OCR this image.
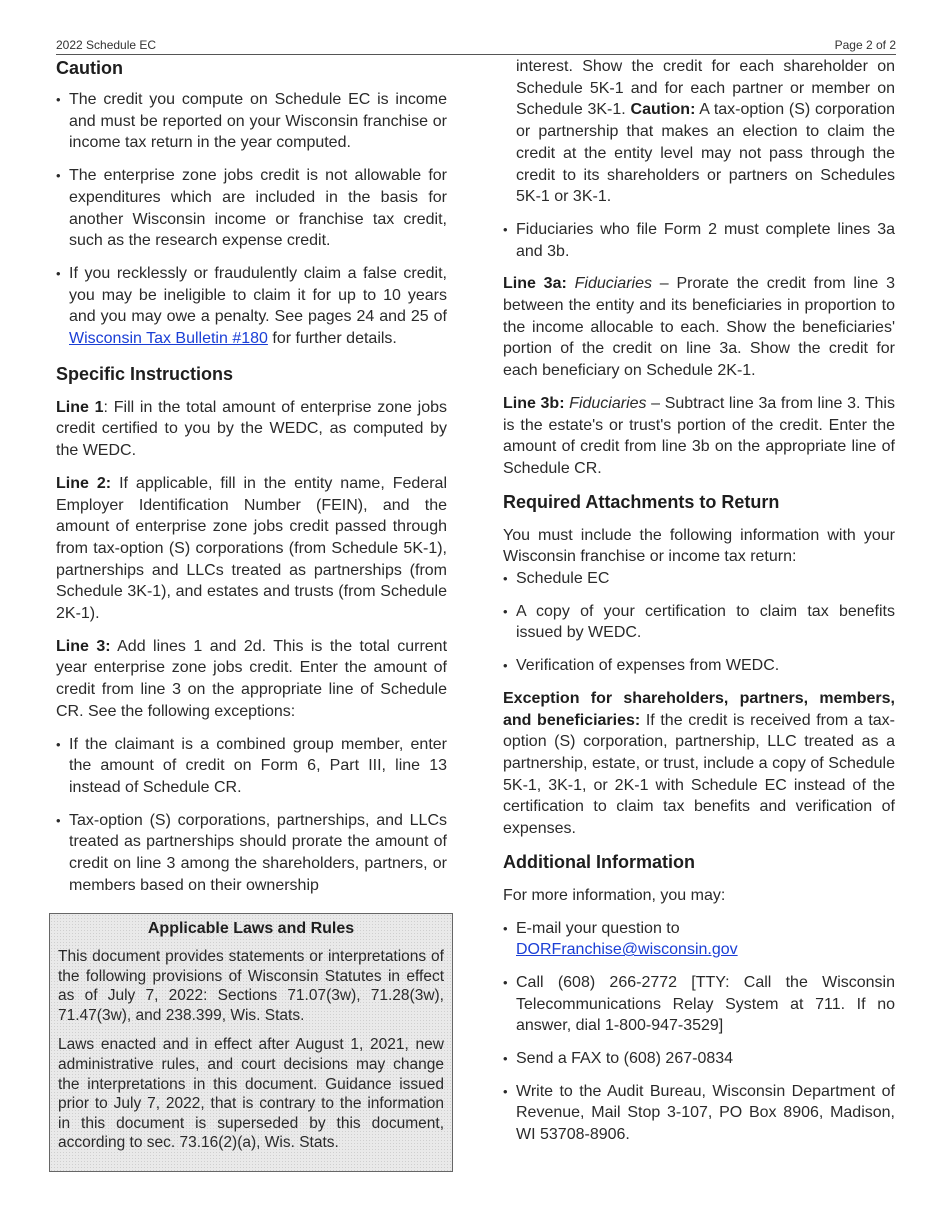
2022 Schedule EC	Page 2 of 2
Caution
• The credit you compute on Schedule EC is income and must be reported on your Wisconsin franchise or income tax return in the year computed.
• The enterprise zone jobs credit is not allowable for expenditures which are included in the basis for another Wisconsin income or franchise tax credit, such as the research expense credit.
• If you recklessly or fraudulently claim a false credit, you may be ineligible to claim it for up to 10 years and you may owe a penalty. See pages 24 and 25 of Wisconsin Tax Bulletin #180 for further details.
Specific Instructions

Line 1: Fill in the total amount of enterprise zone jobs credit certified to you by the WEDC, as computed by the WEDC.

Line 2: If applicable, fill in the entity name, Federal Employer Identification Number (FEIN), and the amount of enterprise zone jobs credit passed through from tax-option (S) corporations (from Schedule 5K-1), partnerships and LLCs treated as partnerships (from Schedule 3K-1), and estates and trusts (from Schedule 2K-1).

Line 3: Add lines 1 and 2d. This is the total current year enterprise zone jobs credit. Enter the amount of credit from line 3 on the appropriate line of Schedule CR. See the following exceptions:

• If the claimant is a combined group member, enter the amount of credit on Form 6, Part III, line 13 instead of Schedule CR.
• Tax-option (S) corporations, partnerships, and LLCs treated as partnerships should prorate the amount of credit on line 3 among the shareholders, partners, or members based on their ownership
Applicable Laws and Rules

This document provides statements or interpretations of the following provisions of Wisconsin Statutes in effect as of July 7, 2022: Sections 71.07(3w), 71.28(3w), 71.47(3w), and 238.399, Wis. Stats.

Laws enacted and in effect after August 1, 2021, new administrative rules, and court decisions may change the interpretations in this document. Guidance issued prior to July 7, 2022, that is contrary to the information in this document is superseded by this document, according to sec. 73.16(2)(a), Wis. Stats.

interest. Show the credit for each shareholder on Schedule 5K-1 and for each partner or member on Schedule 3K-1. Caution: A tax-option (S) corporation or partnership that makes an election to claim the credit at the entity level may not pass through the credit to its shareholders or partners on Schedules 5K-1 or 3K-1.
• Fiduciaries who file Form 2 must complete lines 3a and 3b.

Line 3a: Fiduciaries – Prorate the credit from line 3 between the entity and its beneficiaries in proportion to the income allocable to each. Show the beneficiaries' portion of the credit on line 3a. Show the credit for each beneficiary on Schedule 2K-1.

Line 3b: Fiduciaries – Subtract line 3a from line 3. This is the estate's or trust's portion of the credit. Enter the amount of credit from line 3b on the appropriate line of Schedule CR.

Required Attachments to Return

You must include the following information with your Wisconsin franchise or income tax return:

• Schedule EC
• A copy of your certification to claim tax benefits issued by WEDC.
• Verification of expenses from WEDC.

Exception for shareholders, partners, members, and beneficiaries: If the credit is received from a tax-option (S) corporation, partnership, LLC treated as a partnership, estate, or trust, include a copy of Schedule 5K-1, 3K-1, or 2K-1 with Schedule EC instead of the certification to claim tax benefits and verification of expenses.

Additional Information

For more information, you may:

• E-mail your question to
DORFranchise@wisconsin.gov
• Call (608) 266-2772 [TTY: Call the Wisconsin Telecommunications Relay System at 711. If no answer, dial 1-800-947-3529]
• Send a FAX to (608) 267-0834
• Write to the Audit Bureau, Wisconsin Department of Revenue, Mail Stop 3-107, PO Box 8906, Madison, WI 53708-8906.
